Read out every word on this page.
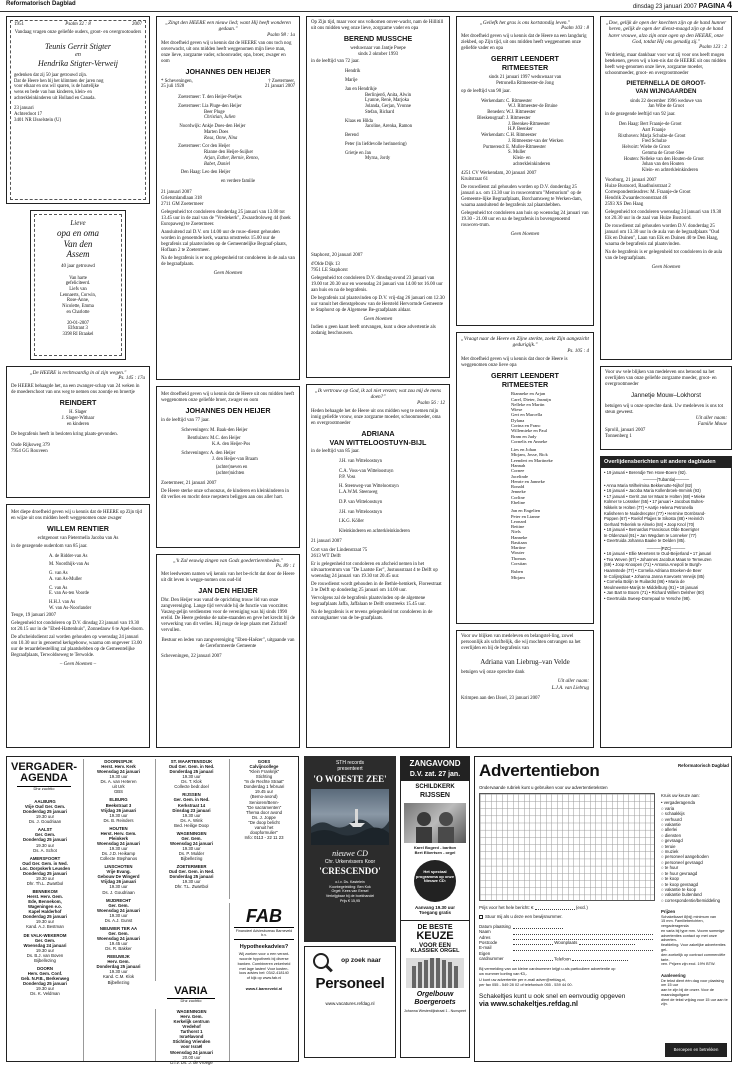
Reformatorisch Dagblad	dinsdag 23 januari 2007 PAGINA 4
1951	Psalm 32 : 8	2007
Vandaag vragen onze geliefde ouders, groot- en overgrootouders
Teunis Gerrit Stigter
en
Hendrika Stigter-Verweij
gedenken dat zij 50 jaar getrouwd zijn.
Dat de Heere hen bij het klimmen der jaren nog
voor elkaar en ons wil sparen, is de hartelijke
wens en bede van hun kinderen, klein- en
achterkleinkinderen uit Holland en Canada.
23 januari
Achterdoot 17
3401 NR IJsselstein (U)
Lieve
opa en oma
Van den
Assem
40 jaar getrouwd
Van harte
gefeliciteerd.
Liefs van
Lennaerts, Corwin,
Rose-Anne,
Nicolette, Emma
en Charlotte
20-01-2007
Elfstrant 3
3398 RI Braakel
„De HEERE is rechtvaardig in al zijn wegen."
Ps. 145 : 17a
De HEERE behaagde het, na een zwanger-schap van 24 weken in de moederschoot van ons weg te nemen ons zoontje en broertje
REINDERT
H. Slager
J. Slager-Withaar
en kinderen
De begrafenis heeft in besloten kring plaats-gevonden.
Oude Rijksweg 379
7954 GG Rouveen
Met diepe droefheid geven wij u kennis dat de HEERE op Zijn tijd en wijze uit ons midden heeft weggenomen onze zwager
WILLEM RENTIER
echtgenoot van Pietermella Jacoba van As
in de gezegende ouderdom van 85 jaar.
A. de Ridder-van As
M. Noordhijk-van As
G. van As
A. van As-Muller
C. van As
E. van As-ten Voorde
H.H.J. van As
W. van As-Noorlander
Teuge, 19 januari 2007
Gelegenheid tot condoleren op D.V. dinsdag 23 januari van 19.30 tot 20.15 uur in de "Ebed-Hattenhuis", Zonnedauw 6 te Apel-doorn.
De afscheidsdienst zal worden gehouden op woensdag 24 januari om 10.30 uur in genoemd kerkgebouw, waarna om ongeveer 13.00 uur de teraardebestelling zal plaatshebben op de Gemeentelijke Begraafplaats, Terwoldseweg te Terwolde.
– Geen bloemen –
„Zingt den HEERE een nieuw lied; want Hij heeft wonderen gedaan."
Psalm 98 : 1a
Met droefheid geven wij u kennis dat de HEERE van ons toch nog onverwacht, uit ons midden heeft weggenomen mijn lieve man, onze lieve, zorgzame vader, schoonvader, opa, broer, zwager en oom
JOHANNES DEN HEIJER
* Scheveningen,
25 juli 1928
† Zoetermeer,
21 januari 2007
Zoetermeer: T. den Heijer-Poeljes
Zoetermeer: Lia Pluge-den Heijer
Beer Pluge
Christian, Julien
Noordwijk: Ankje Does-den Heijer
Marten Does
Rosa, Onne, Nina
Zoetermeer: Cor den Heijer
Rianne den Heijer-Suijker
Arjan, Esther, Bernie, Renno,
Babet, Daniel
Den Haag: Leo den Heijer
en verdere familie
21 januari 2007
Grietsmlandlaan 318
2711 GM Zoetermeer
Gelegenheid tot condoleren donderdag 25 januari van 13.00 tot 13.45 uur in de zaal van de "Vredekerk", Zwaardrolsweg 44 (hoek Europaweg) te Zoetermeer.
Aansluitend zal D.V. om 14.00 uur de rouw-dienst gehouden worden in genoemde kerk, waarna omstreeks 15.00 uur de begrafenis zal plaatsvinden op de Gemeentelijke Begraaf-plaats, Hoflaan 2 te Zoetermeer.
Na de begrafenis is er nog gelegenheid tot condoleren in de aula van de begraafplaats.
Geen bloemen
Met droefheid geven wij u kennis dat de Heere uit ons midden heeft weggenomen onze geliefde broer, zwager en oom
JOHANNES DEN HEIJER
in de leeftijd van 77 jaar.
Scheveningen: M. Baak-den Heijer
Bentluizen: M.C. den Heijer
K.A. den Heijer-Pos
Scheveningen: A. den Heijer
J. den Heijer-van Braam
(achter)neven en
(achter)nichten
Zoetermeer, 21 januari 2007
De Heere sterke onze schoonzus, de kinderen en kleinkinderen in dit verlies en mocht deze roepstem beliggen aan ons aller hart.
„'k Zal eeuwig zingen van Gods goedertierenheden."
Ps. 89 : 1
Met leedwezen namen wij kennis van het be-richt dat door de Heere uit dit leven is wegge-nomen ons oud-lid
JAN DEN HEIJER
Dhr. Den Heijer was vanaf de oprichting trouw lid van onze zangvereniging. Lange tijd vervulde hij de functie van voorzitter. Vaszeg-gelijn verdiensten voor de vereniging was hij sinds 1990 erelid. De Heere gedenke de nabe-staanden en geve het krecht bij de verwerking van dit verlies. Hij moge de lege plaats met Zichzelf vervullen.
Bestuur en leden van zangvereniging "Eben-Haëzer", uitgaande van de Gereformeerde Gemeente
Scheveningen, 22 januari 2007
Op Zijn tijd, maar voor ons volkomen onver-wacht, nam de Hillitill uit ons midden weg onze lieve, zorgzame vader en opa
BEREND MUSSCHE
weduwnaar van Jantje Poepe
sinds 2 oktober 1993
in de leeftijd van 72 jaar.
Hendrik
Marije
Jan en Hendrikje
Berlinjen6, Anita, Alwin
Lyanne, Renè, Marjoka
Jolanda, Gerjan, Yvonne
Stefan, Richard
Klaas en Hilda
Jacoline, Arenka, Ramon
Berend
Peter (in liefdevolle herinnering)
Grietje en Jan
Myrna, Jordy
Staphorst, 20 januari 2007
d'Olde Dijk 13
7951 LE Staphorst
Gelegenheid tot condoleren D.V. dinsdag-avond 23 januari van 19.00 tot 20.30 uur en woensdag 24 januari van 14.00 tot 16.00 uur aan huis en na de begrafenis.
De begrafenis zal plaatsvinden op D.V. vrij-dag 26 januari om 12.30 uur vanuit het dienstgebouw van de Hersteld Hervormde Gemeente te Staphorst op de Algemene Be-graafplaats aldaar.
Geen bloemen
Indien u geen kaart heeft ontvangen, kunt u deze advertentie als zodanig beschouwen.
„Ik vertrouw op God, ik zal niet vrezen; wat zou mij de mens doen?"
Psalm 56 : 12
Heden behaagde het de Heere uit ons midden weg te nemen mijn innig geliefde vrouw, onze zorgzame moeder, schoonmoeder, oma en overgrootmoeder
ADRIANA
VAN WITTELOOSTUYN-BIJL
in de leeftijd van 85 jaar.
J.H. van Witteloostuyn
C.A. Voss-van Witteloostuyn
P.P. Voss
H. Steenweg-van Witteloostuyn
L.A.W.M. Steenweg
D.P. van Witteloostuyn
J.H. van Witteloostuyn
I.K.G. Köller
Kleinkinderen en achterkleinkinderen
21 januari 2007
Cort van der Lindenstraat 75
2613 WT Delft
Er is gelegenheid tot condoleren en afscheid nemen in het uitvaartcentrum van "De Laatste Eer", Justuusstraat 4 te Delft op woensdag 24 januari van 19.30 tot 20.45 uur.
De rouwdienst wordt gehouden in de Bethle-hemkerk, Floreestraat 3 te Delft op donderdag 25 januari om 14.00 uur.
Vervolgens zal de begrafenis plaatsvinden op de algemene begraafplaats Jaffa, Jaffalaan te Delft omstreeks 15.45 uur.
Na de begrafenis is er tevens gelegenheid tot condoleren in de ontvangkamer van de be-graafplaats.
„Geliefk het gras is ons kortstondig leven."
Psalm 103 : 8
Met droefheid geven wij u kennis dat de Heere na een langdurig ziekbed, op Zijn tijd, uit ons midden heeft weggenomen onze geliefde vader en opa
GERRIT LEENDERT
RITMEESTER
sinds 21 januari 1997 weduwnaar van
Petronella Ritmeester-de Jong
op de leeftijd van 90 jaar.
Werkendam: C. Ritmeester
W.J. Ritmeester-de Bruine
Beneden: W.J. Ritmeester
Bleskensgraaf: J. Ritmeester
J. Beenkes-Ritmeester
H.P. Beenker
Werkendam: C.H. Ritmeester
J. Ritmeester-van der Werken
Purmerend: E. Muller-Ritmeester
S. Muller
Klein- en
achterkleinkinderen
4251 CV Werkendam, 20 januari 2007
Kruitstraat 61
De rouwdienst zal gehouden worden op D.V. donderdag 25 januari a.s. om 13.30 uur in rouwcentrum "Memorium" op de Gemeente-lijke Begraafplaats, Borchamsweg te Werken-dam, waarna aansluitend de begrafenis zal plaatshebben.
Gelegenheid tot condoleren aan huis op woensdag 24 januari van 19.30 - 21.00 uur en na de begrafenis in bovengenoemd rouwcen-trum.
Geen bloemen
„Vraagt naar de Heere en Zijne sterkte, zoekt Zijn aangezicht gedurigijk."
Ps. 105 : 4
Met droefheid geven wij u kennis dat door de Heere is weggenomen onze lieve opa
GERRIT LEENDERT
RITMEESTER
Rianneke en Arjan
Carel, Dieter, Jasmijn
Nelleke en Martin
Wiese
Gert en Marcella
Dylana
Corina en Franc
Willemieke en Paul
Bram en Judy
Cornelis en Anneke
Lies en Johan
Mirjam, Josse, Rick
Leendert en Martineke
Hannah
Cornee
Jacelinde
Henrie en Janneke
Ronald
Jenneke
Corline
Ebeline
Jan en Engelien
Peter en Lianne
Leonard
Bettine
Niels
Hanneke
Bastiaan
Martine
Wouter
Thomas
Corstian
Ruben
Mirjam
Voor uw blijken van medeleven en belangstel-ling, zowel persoonlijk als schriftelijk, die wij mochten ontvangen na het overlijden en bij de begrafenis van
Adriana van Liebrug–van Velde
betuigen wij onze oprechte dank
Uit aller naam:
L.J.A. van Liebrug
Krimpen aan den IJssel, 23 januari 2007
„Doe, gelijk de open der knechten zijn op de hand hunner heren, gelijk de ogen der dienst-maagd zijn op de hand harer vrouwe, alzo zijn onze ogen op den HEERE, onze God, totdat Hij ons genadig zij."
Psalm 123 : 2
Verdrietig, maar dankbaar voor wat zij voor ons heeft mogen betekenen, geven wij u ken-nis dat de HEERE uit ons midden heeft weg-genomen onze lieve, zorgzame moeder, schoonmoeder, groot- en overgrootmoeder
PIETERNELLA DE GROOT-
VAN WIJNGAARDEN
sinds 22 december 1996 weduwe van
Jan Wibe de Groot
in de gezegende leeftijd van 92 jaar.
Den Haag: Bert Fraanje-de Groot
Aart Fraanje
Rixthoven: Marja Schulze-de Groot
Fred Schulze
Helvoirt: Wiebe de Groot
Gemma de Groot-Slee
Houten: Nelleke van den Houten-de Groot
Johan van den Houten
Klein- en achterkleinkinderen
Voorburg, 21 januari 2007
Huize Bustoord, Raadhuisstraat 2
Correspondentieadres: M. Fraanje-de Groot
Hendrik Zwaardecroonstraat 46
2593 XS Den Haag
Gelegenheid tot condoleren woensdag 24 januari van 19.30 tot 20.30 uur in de zaal van Huize Bustoord.
De rouwdienst zal gehouden worden D.V. donderdag 25 januari om 13.30 uur in de aula van de begraafplaats "Oud Eik en Duinen", Laan van Eik en Duinen 40 te Den Haag, waarna de begrafenis zal plaatsvinden.
Na de begrafenis is er gelegenheid tot condoleren in de aula van de begraafplaats.
Geen bloemen
Voor uw vele blijken van medeleven ons betoond na het overlijden van onze geliefde zorgzame moeder, groot- en overgrootmoeder
Jannetje Mouw–Lokhorst
betuigen wij u onze oprechte dank. Uw medeleven is ons tot steun geweest.
Uit aller naam:
Familie Mouw
Sprolil, januari 2007
Tonnenberg 1
Overlijdensberichten uit andere dagbladen
• 19 januari • Berendje Ten Hove-Boere (92).
––––––|Tubantia|––––––
• Anna Maria Wilhelmina Bekkenutte-Nijhof (82)
• 16 januari • Jacoba Maria Kollenbroek-Immink (93)
• 17 januari • Gerrit Jan ter Maat te Holten (68) • Mieke
Kolmer te Losssker (55) • 17 januari • Jacobus Bultes-
Nikkels te Holten (77) • Aartje Helena Petronella
Kalisheren te Nudedrecpter (77) • Hermine Dornbrand-
Poppen (67) • Roelof Plajjes te Sikosta (88) • Heinrich
Gerhard Teberink te Almelo (84) • Joop Knol (70)
• 18 januari • Bernardus Franciscus Olde Boerrigter
te Oldenzaal (91) • Jan Wegdam te Lonneker (77)
• Geertruida Johanna Baake te Delden (85).
––––––|PZC|––––––
• 16 januari • Ellie Meertens te Oud-Beijerland • 17 januari
• Tea Weven (67) • Johannes Jacobus Maas te Terneuzen
(69) • Joop Knoopen (71) • Antonia Anepoli te Burgh-
Haamstede (77) • Cornelia Adriana Broeken-de Beer
te Colijnsplaat • Johanna Janna Koevoets Verwijs (85)
• Cornelia Bolijn te Ruilardst (86) • Maria de
Meulmeester-Marijs te Middelburg (91) • 18 januari
• Jan Bart te Boorn (71) • Richard Willem Delsher (80)
• Geertruida Sweep-Dorrepaal te Yersche (98).
VERGADER-
AGENDA
Dhz zuchtio
AALBURG
Vrije Oud Ger. Gem.
Donderdag 25 januari
19.30 uur
Ds. J. Goudriaan
AALST
Ger. Gem.
Donderdag 25 januari
19.30 uur
Ds. A. Schot
AMERSFOORT
Oud Ger. Gem. in Ned.
Loc. Dorpskerk Leusden
Donderdag 25 januari
19.30 uur
Dhr. Th.L. Zwartbol
BENNEKOM
Herst. Herv. Gem.
Ede, Bennekom,
Wageningen e.o.
Kapel Halderhof
Donderdag 25 januari
19.30 uur
Kand. A.J. Bestman
DE VALK-WEKEROM
Ger. Gem.
Woensdag 24 januari
19.30 uur
Ds. B.J. van Boven
Bijbellezing
DOORN
Herv. Gem. Conf.
Geb. N.P.B., Berkenweg
Donderdag 25 januari
19.30 uur
Ds. K. Veldman
DOORNSPIJK
Herst. Herv. Kerk
Woensdag 24 januari
19.30 uur
Ds. A. van Heteren
uit Urk
GBS
ELBURG
Beekstraat 3
Vrijdag 26 januari
19.30 uur
Ds. B. Reinders
HOUTEN
Herst. Herv. Gem.
Pleinkerk
Woensdag 24 januari
19.30 uur
Ds. J.D. Heikamp
Collecte Stephanos
LINSCHOTEN
Vrije Evang.
Gebouw De Wingerd
Vrijdag 26 januari
19.30 uur
Ds. J. Goudriaan
MIJDRECHT
Ger. Gem.
Woensdag 24 januari
19.30 uur
Ds. A.J. Gunst
NIEUWER TER AA
Ger. Gem.
Woensdag 24 januari
19.45 uur
Ds. R. Bakker
REEUWIJK
Herv. Gem.
Donderdag 25 januari
19.30 uur
Kand. C.M. Klok
Bijbellezing
ST. MAARTENSDIJK
Oud Ger. Gem. in Ned.
Donderdag 25 januari
19.30 uur
Ds. T. Klok
Collecte bedr.doel
RIJSSEN
Ger. Gem. in Ned.
Kerkstraat 14
Dinsdag 23 januari
19.30 uur
Ds. A. Wink
Bed. Heilige Doop
WAGENINGEN
Ger. Gem.
Woensdag 24 januari
19.30 uur
Ds. P. Mulder
Bijbellezing
ZOETERMEER
Oud Ger. Gem. in Ned.
Donderdag 25 januari
19.30 uur
Dhr. T.L. Zwartbol
VARIA
Dhz zuchtio
WAGENINGEN
Herv. Gem.
Kerkelijk centrum
Vredehof
Tarthorst 1
Israëlavond
Stichting Vrienden
voor Israël
Woensdag 24 januari
20.00 uur
D.i.v. Ds. J. de Vroege
GOES
Calvijncollege
"Klein Frankrijk"
Stichting
"In de Rechte Straat"
Donderdag 1 februari
19.45 uur
(Bemo-avond)
Senioren/Benn-
"De sacramenten"
Thema door avond
Ds. J. Joppe
"De doop belicht
vanuit het
doopformulier"
Info: 0113 - 22 11 23
FAB
Financieel Adviesbureau Barneveld b.v.
Hypotheekadvies?
Wij zoeken voor u een verant-
woorde hypotheek bij diverse
banken. Combineren zekerheid
met lage lasten! Voor kosten-
loos advies bel: 0342-418140
of kijk op www.fab.nl
www.f-barneveld.nl
STH records
presenteert
'O WOESTE ZEE'
nieuwe CD
Chr. Urkervissers Koor
'CRESCENDO'
o.l.v. Ds. Kastelein
Koorbegeleiding: Ben Kok
Orgel: Kees van Eersel
Verkrijgbaar bij de boekhandel
Prijs € 15,95
op zoek naar
Personeel
www.vacatures.refdag.nl
ZANGAVOND
D.V. zat. 27 jan.
SCHILDKERK
RIJSSEN
Karel Bogerd - bariton
Bert Elbertsen - orgel
Het speciaal programma op onze Nieuwe CD:
Aanvang 19.30 uur
Toegang gratis
DE BESTE
KEUZE
VOOR EEN
KLASSIEK ORGEL
Orgelbouw Boergeroets
Johanna Westerdijkstraat 1 - Nunspeet
Advertentiebon	Reformatorisch Dagblad
Ondervaande rubriek kunt u gebruiken voor uw advertentieteksten
Kruis uw keuze aan:
• vergaderagenda
○ varia
○ schaakkijs
○ verhuurd
○ vakantie
○ allerlei
○ diensten
○ gevraagd
○ teruie
○ muziek
○ personeel aangeboden
○ personeel gevraagd
○ te huur
○ te huur gevraagd
○ te koop
○ te koop gevraagd
○ vakantie te koop
○ vakantie buitenland
○ correspondentie/bemiddeling
Prijzen
Schakelkaart 8(bij) minimum van
15 mm. Familieberichten, vergaderagenda
en varia bij type mm. Voorm sommige
advertenties contact op met onze adverten-
tieafdeling. Voor zakelijke advertenties gel-
den zoekelijk op contract commerciële tarie-
ven. Prijzen zijn excl. 19% BTW.
Aanlevering
De tekst dient één dag voor plaatsing om 15 uur
aan te zijn bij de onzer. Voor de maandaguitgave
dient de tekst vrijdag voor 15 uur aan te zijn.
Prijs voor het hele bericht: €	(excl.)
Stuur mij als u deze een bewijsnummer.
Datum plaatsing
Naam
Adres
Postcode	Woonplaats
E-mail
Eigen cardnummer	Telefoon
Bij vermelding van uw kleine cardnummer krijgt u als particuliere advertentie op
uw nummer korting van €3,-
U kunt uw advertentie per e-mail adver@refdag.nl,
per fax 055 - 549 28 02 of telefonisch 055 - 539 44 00.
Schakeltjes kunt u ook snel en eenvoudig opgeven
via www.schakeltjes.refdag.nl
Beroepen en betrekken
